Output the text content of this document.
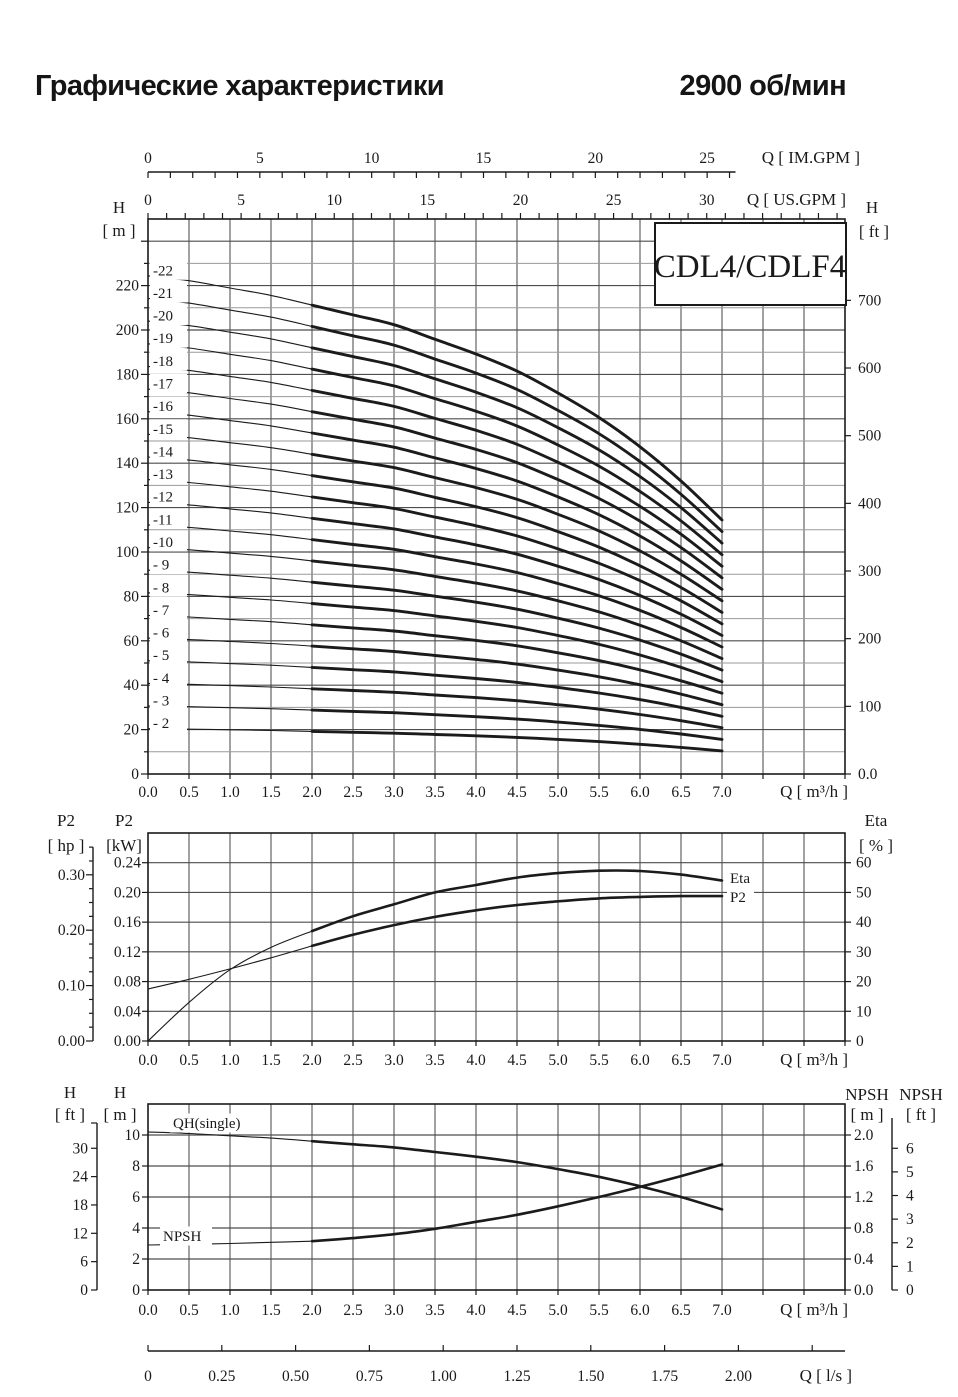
Графические характеристики	2900 об/мин
- 2
- 3
- 4
- 5
- 6
- 7
- 8
- 9
-10
-11
-12
-13
-14
-15
-16
-17
-18
-19
-20
-21
-22
0
20
40
60
80
100
120
140
160
180
200
220
0.0
100
200
300
400
500
600
700
0.0 0.5 1.0 1.5 2.0 2.5 3.0 3.5 4.0 4.5 5.0 5.5 6.0 6.5 7.0	Q [ m³/h ]
0	5	10	15	20	25	30 Q [ US.GPM ]
0	5	10	15	20	25	Q [ IM.GPM ]
H
[ m ]
H
[ ft ]
CDL4/CDLF4
Eta
P2
0.00
0.04
0.08
0.12
0.16
0.20
0.24
0
10
20
30
40
50
60
0.0 0.5 1.0 1.5 2.0 2.5 3.0 3.5 4.0 4.5 5.0 5.5 6.0 6.5 7.0	Q [ m³/h ]
0.00
0.10
0.20
0.30
P2
[ hp ]
P2
[kW]
Eta
[ % ]
QH(single)
NPSH
0
2
4
6
8
10
0.0
0.4
0.8
1.2
1.6
2.0
0.0 0.5 1.0 1.5 2.0 2.5 3.0 3.5 4.0 4.5 5.0 5.5 6.0 6.5 7.0	Q [ m³/h ]
0
6
12
18
24
30
0
1
2
3
4
5
6
H
[ ft ]
H
[ m ]
NPSH
[ m ]
NPSH
[ ft ]
0	0.25	0.50	0.75	1.00	1.25	1.50	1.75	2.00	Q [ l/s ]
